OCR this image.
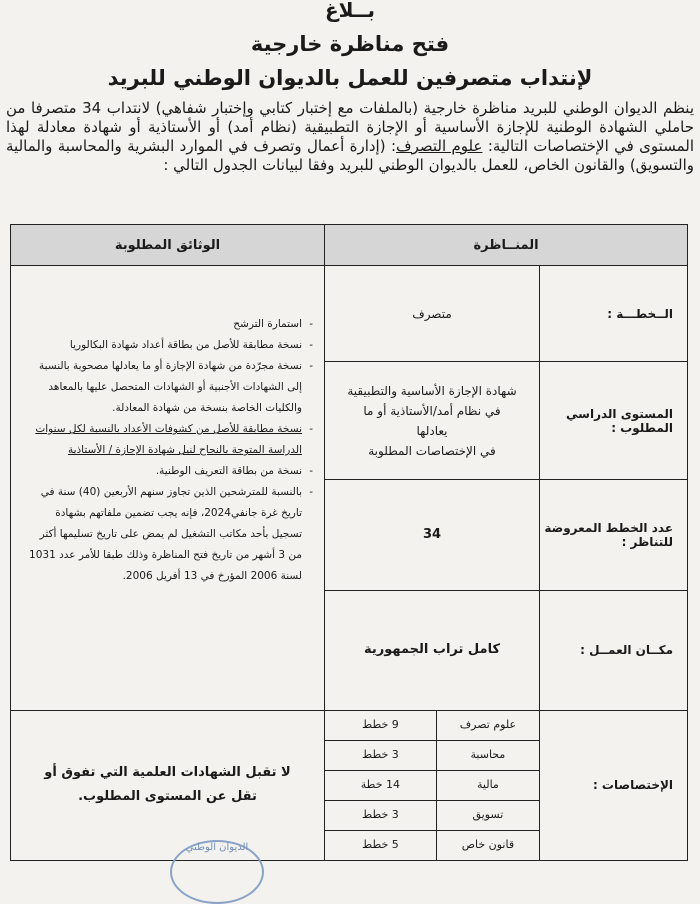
بــلاغ
فتح مناظرة خارجية
لإنتداب متصرفين للعمل بالديوان الوطني للبريد
ينظم الديوان الوطني للبريد مناظرة خارجية (بالملفات مع إختبار كتابي وإختبار شفاهي) لانتداب 34 متصرفا من حاملي الشهادة الوطنية للإجازة الأساسية أو الإجازة التطبيقية (نظام أمد) أو الأستاذية أو شهادة معادلة لهذا المستوى في الإختصاصات التالية: علوم التصرف: (إدارة أعمال وتصرف في الموارد البشرية والمحاسبة والمالية والتسويق) والقانون الخاص، للعمل بالديوان الوطني للبريد وفقا لبيانات الجدول التالي :
المنــاظرة	الوثائق المطلوبة
الــخطـــة :	متصرف	
- استمارة الترشح
- نسخة مطابقة للأصل من بطاقة أعداد شهادة البكالوريا
- نسخة مجرّدة من شهادة الإجازة أو ما يعادلها مصحوبة بالنسبة إلى الشهادات الأجنبية أو الشهادات المتحصل عليها بالمعاهد والكليات الخاصة بنسخة من شهادة المعادلة.
- نسخة مطابقة للأصل من كشوفات الأعداد بالنسبة لكل سنوات الدراسة المتوجة بالنجاح لنيل شهادة الإجازة / الأستاذية
- نسخة من بطاقة التعريف الوطنية.
- بالنسبة للمترشحين الذين تجاوز سنهم الأربعين (40) سنة في تاريخ غرة جانفي2024، فإنه يجب تضمين ملفاتهم بشهادة تسجيل بأحد مكاتب التشغيل لم يمض على تاريخ تسليمها أكثر من 3 أشهر من تاريخ فتح المناظرة وذلك طبقا للأمر عدد 1031 لسنة 2006 المؤرخ في 13 أفريل 2006.

المستوى الدراسي المطلوب :	
شهادة الإجازة الأساسية والتطبيقية
في نظام أمد/الأستاذية أو ما
يعادلها
في الإختصاصات المطلوبة

عدد الخطط المعروضة للتناظر :	34
مكــان العمــل :	كامل تراب الجمهورية
الإختصاصات :	
علوم تصرف	9 خطط
محاسبة	3 خطط
مالية	14 خطة
تسويق	3 خطط
قانون خاص	5 خطط
	لا تقبل الشهادات العلمية التي تفوق أو تقل عن المستوى المطلوب.
الديوان الوطني
